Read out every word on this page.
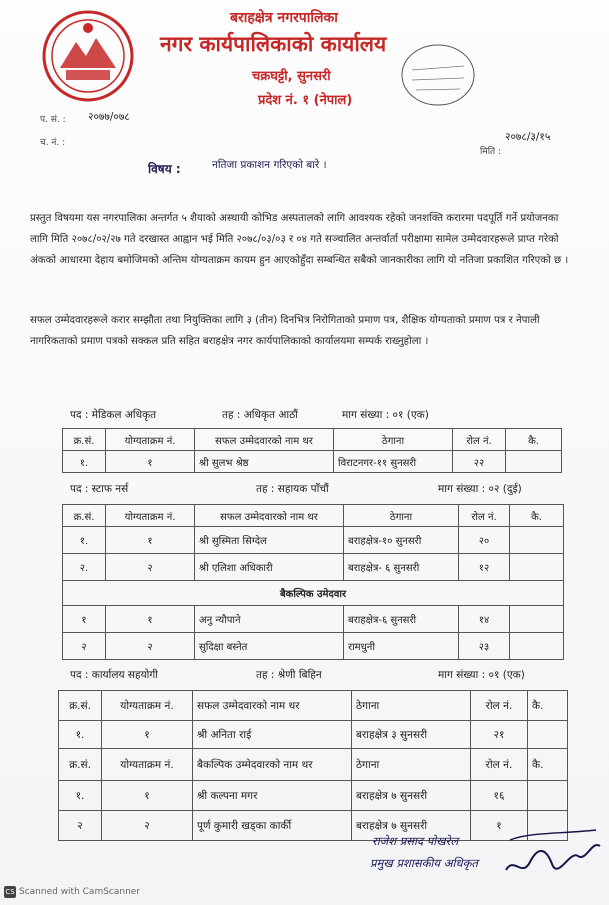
बराहक्षेत्र नगरपालिका
नगर कार्यपालिकाको कार्यालय
चक्रघट्टी, सुनसरी
प्रदेश नं. १ (नेपाल)
प. सं. : २०७७/०७८
च. नं. :	२०७८/३/१५
मिति :
विषय :	नतिजा प्रकाशन गरिएको बारे ।
प्रस्तुत विषयमा यस नगरपालिका अन्तर्गत ५ शैयाको अस्थायी कोभिड अस्पतालको लागि आवश्यक रहेको जनशक्ति करारमा पदपूर्ति गर्ने प्रयोजनका लागि मिति २०७८/०२/२७ गते दरखास्त आह्वान भई मिति २०७८/०३/०३ र ०४ गते सञ्चालित अन्तर्वार्ता परीक्षामा सामेल उम्मेदवारहरूले प्राप्त गरेको अंकको आधारमा देहाय बमोजिमको अन्तिम योग्यताक्रम कायम हुन आएकोहुँदा सम्बन्धित सबैको जानकारीका लागि यो नतिजा प्रकाशित गरिएको छ ।
सफल उम्मेदवारहरूले करार सम्झौता तथा नियुक्तिका लागि ३ (तीन) दिनभित्र निरोगिताको प्रमाण पत्र, शैक्षिक योग्यताको प्रमाण पत्र र नेपाली नागरिकताको प्रमाण पत्रको सक्कल प्रति सहित बराहक्षेत्र नगर कार्यपालिकाको कार्यालयमा सम्पर्क राख्नुहोला ।
पद : मेडिकल अधिकृत	तह : अधिकृत आठौं	माग संख्या : ०१ (एक)
क्र.सं.	योग्यताक्रम नं.	सफल उम्मेदवारको नाम थर	ठेगाना	रोल नं.	कै.
१.	१	श्री सुलभ श्रेष्ठ	विराटनगर-११ सुनसरी	२२	
पद : स्टाफ नर्स	तह : सहायक पाँचौं	माग संख्या : ०२ (दुई)
क्र.सं.	योग्यताक्रम नं.	सफल उम्मेदवारको नाम थर	ठेगाना	रोल नं.	कै.
१.	१	श्री सुस्मिता सिग्देल	बराहक्षेत्र-१० सुनसरी	२०	
२.	२	श्री एलिशा अधिकारी	बराहक्षेत्र- ६ सुनसरी	१२	
बैकल्पिक उमेदवार					
१	१	अनु न्यौपाने	बराहक्षेत्र-६ सुनसरी	१४	
२	२	सुदिक्षा बस्नेत	रामधुनी	२३	
पद : कार्यालय सहयोगी	तह : श्रेणी बिहिन	माग संख्या : ०१ (एक)
क्र.सं.	योग्यताक्रम नं.	सफल उम्मेदवारको नाम थर	ठेगाना	रोल नं.	कै.
१.	१	श्री अनिता राई	बराहक्षेत्र ३ सुनसरी	२१	
क्र.सं.	योग्यताक्रम नं.	बैकल्पिक उम्मेदवारको नाम थर	ठेगाना	रोल नं.	कै.
१.	१	श्री कल्पना मगर	बराहक्षेत्र ७ सुनसरी	१६	
२	२	पूर्ण कुमारी खड्का कार्की	बराहक्षेत्र ७ सुनसरी	१	
राजेश प्रसाद पोखरेल
प्रमुख प्रशासकीय अधिकृत
CS Scanned with CamScanner
